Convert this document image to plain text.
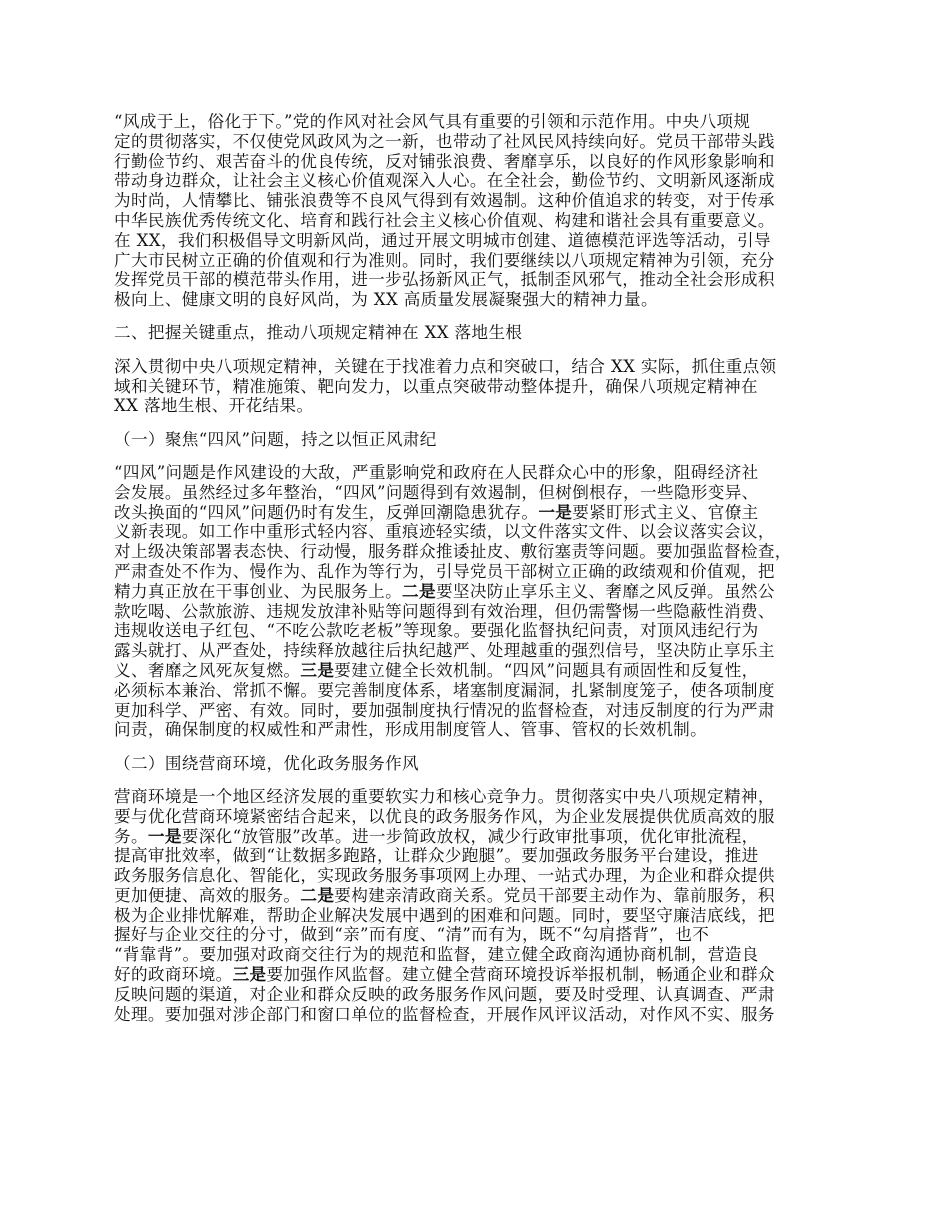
“风成于上，俗化于下。”党的作风对社会风气具有重要的引领和示范作用。中央八项规
定的贯彻落实，不仅使党风政风为之一新，也带动了社风民风持续向好。党员干部带头践
行勤俭节约、艰苦奋斗的优良传统，反对铺张浪费、奢靡享乐，以良好的作风形象影响和
带动身边群众，让社会主义核心价值观深入人心。在全社会，勤俭节约、文明新风逐渐成
为时尚，人情攀比、铺张浪费等不良风气得到有效遏制。这种价值追求的转变，对于传承
中华民族优秀传统文化、培育和践行社会主义核心价值观、构建和谐社会具有重要意义。
在 XX，我们积极倡导文明新风尚，通过开展文明城市创建、道德模范评选等活动，引导
广大市民树立正确的价值观和行为准则。同时，我们要继续以八项规定精神为引领，充分
发挥党员干部的模范带头作用，进一步弘扬新风正气，抵制歪风邪气，推动全社会形成积
极向上、健康文明的良好风尚，为 XX 高质量发展凝聚强大的精神力量。
二、把握关键重点，推动八项规定精神在 XX 落地生根
深入贯彻中央八项规定精神，关键在于找准着力点和突破口，结合 XX 实际，抓住重点领
域和关键环节，精准施策、靶向发力，以重点突破带动整体提升，确保八项规定精神在
XX 落地生根、开花结果。
（一）聚焦“四风”问题，持之以恒正风肃纪
“四风”问题是作风建设的大敌，严重影响党和政府在人民群众心中的形象，阻碍经济社
会发展。虽然经过多年整治，“四风”问题得到有效遏制，但树倒根存，一些隐形变异、
改头换面的“四风”问题仍时有发生，反弹回潮隐患犹存。一是要紧盯形式主义、官僚主
义新表现。如工作中重形式轻内容、重痕迹轻实绩，以文件落实文件、以会议落实会议，
对上级决策部署表态快、行动慢，服务群众推诿扯皮、敷衍塞责等问题。要加强监督检查，
严肃查处不作为、慢作为、乱作为等行为，引导党员干部树立正确的政绩观和价值观，把
精力真正放在干事创业、为民服务上。二是要坚决防止享乐主义、奢靡之风反弹。虽然公
款吃喝、公款旅游、违规发放津补贴等问题得到有效治理，但仍需警惕一些隐蔽性消费、
违规收送电子红包、“不吃公款吃老板”等现象。要强化监督执纪问责，对顶风违纪行为
露头就打、从严查处，持续释放越往后执纪越严、处理越重的强烈信号，坚决防止享乐主
义、奢靡之风死灰复燃。三是要建立健全长效机制。“四风”问题具有顽固性和反复性，
必须标本兼治、常抓不懈。要完善制度体系，堵塞制度漏洞，扎紧制度笼子，使各项制度
更加科学、严密、有效。同时，要加强制度执行情况的监督检查，对违反制度的行为严肃
问责，确保制度的权威性和严肃性，形成用制度管人、管事、管权的长效机制。
（二）围绕营商环境，优化政务服务作风
营商环境是一个地区经济发展的重要软实力和核心竞争力。贯彻落实中央八项规定精神，
要与优化营商环境紧密结合起来，以优良的政务服务作风，为企业发展提供优质高效的服
务。一是要深化“放管服”改革。进一步简政放权，减少行政审批事项，优化审批流程，
提高审批效率，做到“让数据多跑路，让群众少跑腿”。要加强政务服务平台建设，推进
政务服务信息化、智能化，实现政务服务事项网上办理、一站式办理，为企业和群众提供
更加便捷、高效的服务。二是要构建亲清政商关系。党员干部要主动作为、靠前服务，积
极为企业排忧解难，帮助企业解决发展中遇到的困难和问题。同时，要坚守廉洁底线，把
握好与企业交往的分寸，做到“亲”而有度、“清”而有为，既不“勾肩搭背”，也不
“背靠背”。要加强对政商交往行为的规范和监督，建立健全政商沟通协商机制，营造良
好的政商环境。三是要加强作风监督。建立健全营商环境投诉举报机制，畅通企业和群众
反映问题的渠道，对企业和群众反映的政务服务作风问题，要及时受理、认真调查、严肃
处理。要加强对涉企部门和窗口单位的监督检查，开展作风评议活动，对作风不实、服务
